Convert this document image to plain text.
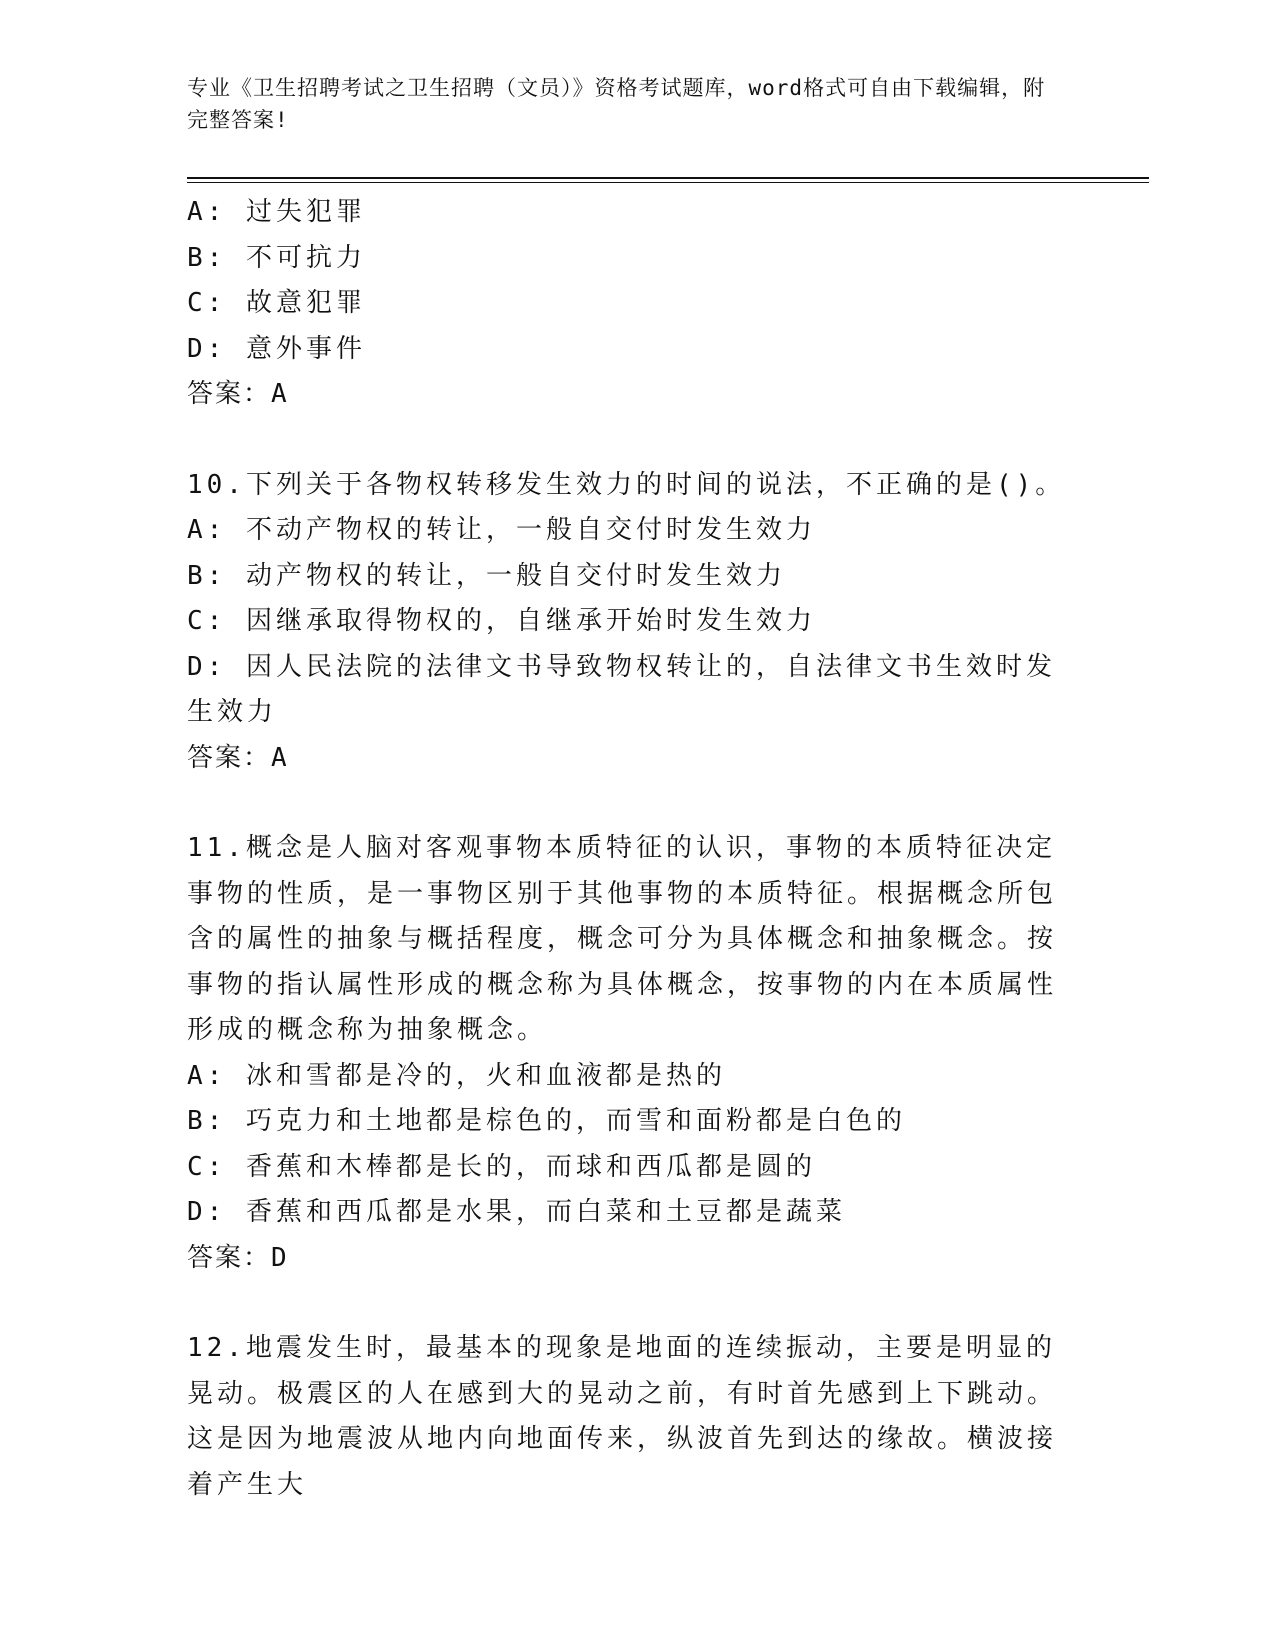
专业《卫生招聘考试之卫生招聘（文员）》资格考试题库，word格式可自由下载编辑，附完整答案!
A: 过失犯罪
B: 不可抗力
C: 故意犯罪
D: 意外事件
答案：A
10.下列关于各物权转移发生效力的时间的说法，不正确的是()。
A: 不动产物权的转让，一般自交付时发生效力
B: 动产物权的转让，一般自交付时发生效力
C: 因继承取得物权的，自继承开始时发生效力
D: 因人民法院的法律文书导致物权转让的，自法律文书生效时发生效力
答案：A
11.概念是人脑对客观事物本质特征的认识，事物的本质特征决定事物的性质，是一事物区别于其他事物的本质特征。根据概念所包含的属性的抽象与概括程度，概念可分为具体概念和抽象概念。按事物的指认属性形成的概念称为具体概念，按事物的内在本质属性形成的概念称为抽象概念。
A: 冰和雪都是冷的，火和血液都是热的
B: 巧克力和土地都是棕色的，而雪和面粉都是白色的
C: 香蕉和木棒都是长的，而球和西瓜都是圆的
D: 香蕉和西瓜都是水果，而白菜和土豆都是蔬菜
答案：D
12.地震发生时，最基本的现象是地面的连续振动，主要是明显的晃动。极震区的人在感到大的晃动之前，有时首先感到上下跳动。这是因为地震波从地内向地面传来，纵波首先到达的缘故。横波接着产生大
